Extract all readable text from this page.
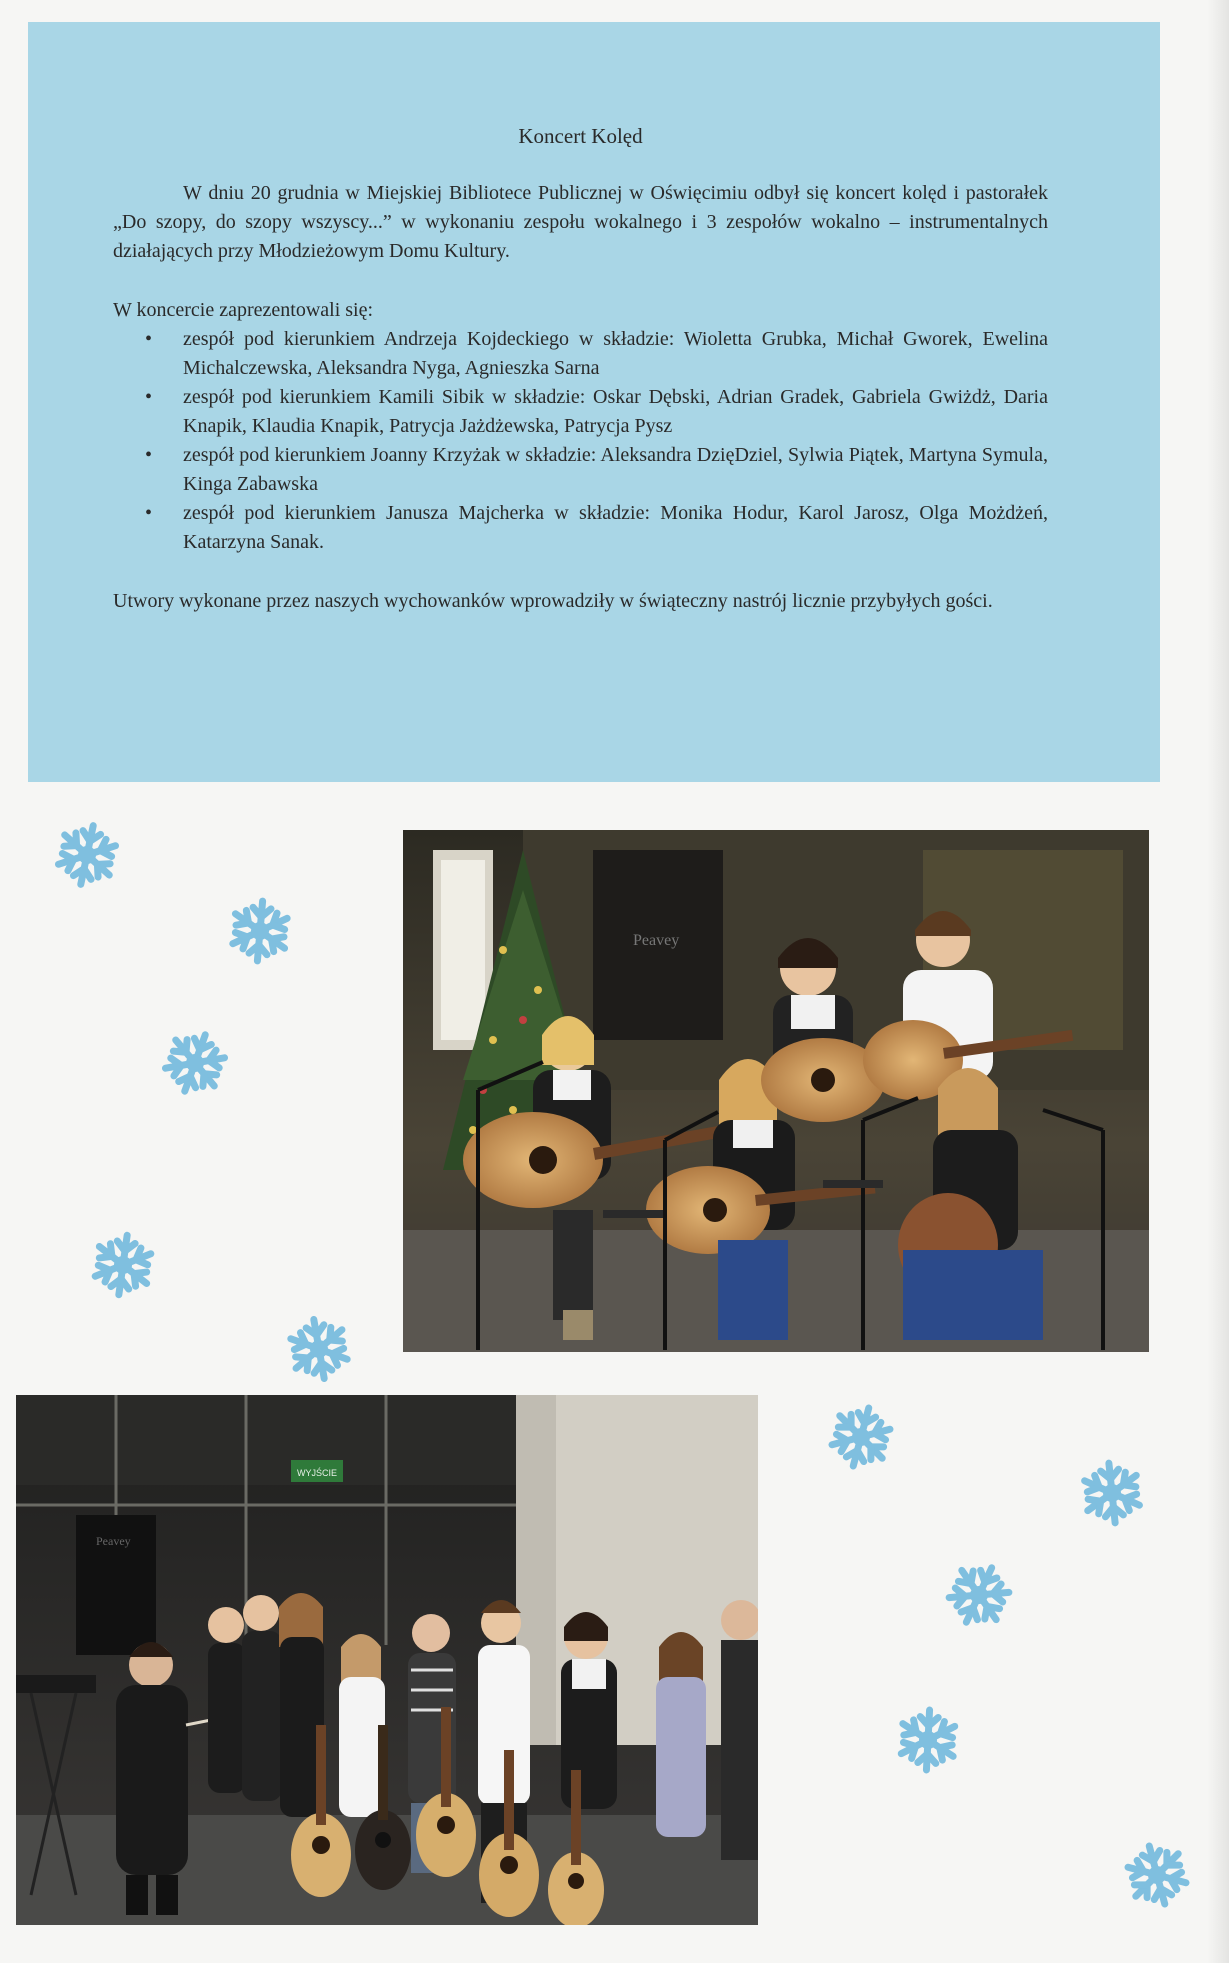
Koncert Kolęd

W dniu 20 grudnia w Miejskiej Bibliotece Publicznej w Oświęcimiu odbył się koncert kolęd i pastorałek „Do szopy, do szopy wszyscy...” w wykonaniu zespołu wokalnego i 3 zespołów wokalno – instrumentalnych działających przy Młodzieżowym Domu Kultury.

W koncercie zaprezentowali się:

• zespół pod kierunkiem Andrzeja Kojdeckiego w składzie: Wioletta Grubka, Michał Gworek, Ewelina Michalczewska, Aleksandra Nyga, Agnieszka Sarna
• zespół pod kierunkiem Kamili Sibik w składzie: Oskar Dębski, Adrian Gradek, Gabriela Gwiżdż, Daria Knapik, Klaudia Knapik, Patrycja Jażdżewska, Patrycja Pysz
• zespół pod kierunkiem Joanny Krzyżak w składzie: Aleksandra DzięDziel, Sylwia Piątek, Martyna Symula, Kinga Zabawska
• zespół pod kierunkiem Janusza Majcherka w składzie: Monika Hodur, Karol Jarosz, Olga Możdżeń, Katarzyna Sanak.

Utwory wykonane przez naszych wychowanków wprowadziły w świąteczny nastrój licznie przybyłych gości.

Peavey
WYJŚCIE
Peavey
